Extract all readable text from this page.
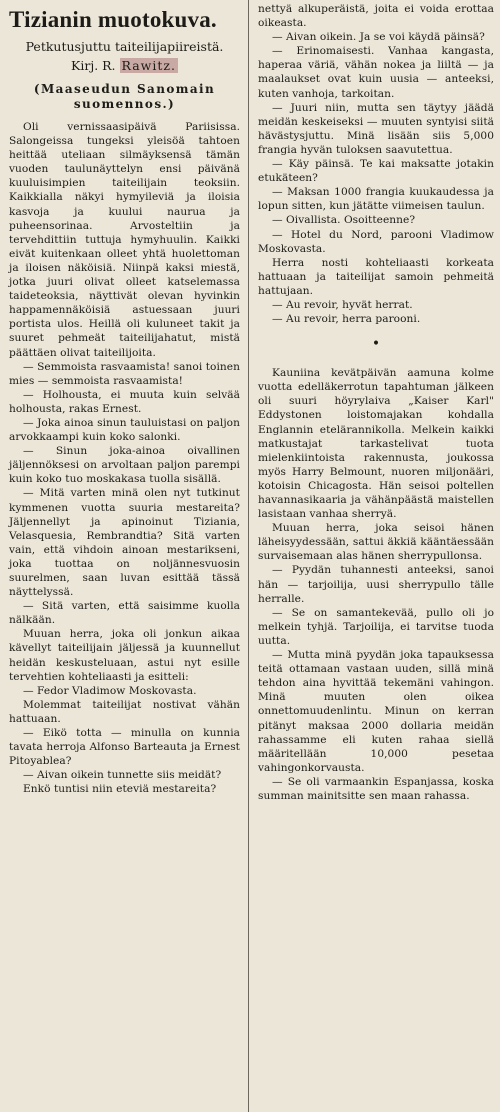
Tizianin muotokuva.

Petkutusjuttu taiteilijapiireistä.

Kirj. R. Rawitz.

(Maaseudun Sanomain suomennos.)

Oli vernissaasipäivä Pariisissa. Salongeissa tungeksi yleisöä tahtoen heittää uteliaan silmäyksensä tämän vuoden taulunäyttelyn ensi päivänä kuuluisimpien taiteilijain teoksiin. Kaikkialla näkyi hymyileviä ja iloisia kasvoja ja kuului naurua ja puheensorinaa. Arvosteltiin ja tervehdittiin tuttuja hymyhuulin. Kaikki eivät kuitenkaan olleet yhtä huolettoman ja iloisen näköisiä. Niinpä kaksi miestä, jotka juuri olivat olleet katselemassa taideteoksia, näyttivät olevan hyvinkin happamennäköisiä astuessaan juuri portista ulos. Heillä oli kuluneet takit ja suuret pehmeät taiteilijahatut, mistä päättäen olivat taiteilijoita.

— Semmoista rasvaamista! sanoi toinen mies — semmoista rasvaamista!

— Holhousta, ei muuta kuin selvää holhousta, rakas Ernest.

— Joka ainoa sinun tauluistasi on paljon arvokkaampi kuin koko salonki.

— Sinun joka-ainoa oivallinen jäljennöksesi on arvoltaan paljon parempi kuin koko tuo moskakasa tuolla sisällä.

— Mitä varten minä olen nyt tutkinut kymmenen vuotta suuria mestareita? Jäljennellyt ja apinoinut Tiziania, Velasquesia, Rembrandtia? Sitä varten vain, että vihdoin ainoan mestarikseni, joka tuottaa on noljännesvuosin suurelmen, saan luvan esittää tässä näyttelyssä.

— Sitä varten, että saisimme kuolla nälkään.

Muuan herra, joka oli jonkun aikaa kävellyt taiteilijain jäljessä ja kuunnellut heidän keskusteluaan, astui nyt esille tervehtien kohteliaasti ja esitteli:

— Fedor Vladimow Moskovasta.

Molemmat taiteilijat nostivat vähän hattuaan.

— Eikö totta — minulla on kunnia tavata herroja Alfonso Barteauta ja Ernest Pitoyablea?

— Aivan oikein tunnette siis meidät?

Enkö tuntisi niin eteviä mestareita?

nettyä alkuperäistä, joita ei voida erottaa oikeasta.

— Aivan oikein. Ja se voi käydä päinsä?

— Erinomaisesti. Vanhaa kangasta, haperaa väriä, vähän nokea ja liiltä — ja maalaukset ovat kuin uusia — anteeksi, kuten vanhoja, tarkoitan.

— Juuri niin, mutta sen täytyy jäädä meidän keskeiseksi — muuten syntyisi siitä hävästysjuttu. Minä lisään siis 5,000 frangia hyvän tuloksen saavutettua.

— Käy päinsä. Te kai maksatte jotakin etukäteen?

— Maksan 1000 frangia kuukaudessa ja lopun sitten, kun jätätte viimeisen taulun.

— Oivallista. Osoitteenne?

— Hotel du Nord, parooni Vladimow Moskovasta.

Herra nosti kohteliaasti korkeata hattuaan ja taiteilijat samoin pehmeitä hattujaan.

— Au revoir, hyvät herrat.

— Au revoir, herra parooni.

•

Kauniina kevätpäivän aamuna kolme vuotta edelläkerrotun tapahtuman jälkeen oli suuri höyrylaiva „Kaiser Karl" Eddystonen loistomajakan kohdalla Englannin etelärannikolla. Melkein kaikki matkustajat tarkastelivat tuota mielenkiintoista rakennusta, joukossa myös Harry Belmount, nuoren miljonääri, kotoisin Chicagosta. Hän seisoi poltellen havannasikaaria ja vähänpäästä maistellen lasistaan vanhaa sherryä.

Muuan herra, joka seisoi hänen läheisyydessään, sattui äkkiä kääntäessään survaisemaan alas hänen sherrypullonsa.

— Pyydän tuhannesti anteeksi, sanoi hän — tarjoilija, uusi sherrypullo tälle herralle.

— Se on samantekevää, pullo oli jo melkein tyhjä. Tarjoilija, ei tarvitse tuoda uutta.

— Mutta minä pyydän joka tapauksessa teitä ottamaan vastaan uuden, sillä minä tehdon aina hyvittää tekemäni vahingon. Minä muuten olen oikea onnettomuudenlintu. Minun on kerran pitänyt maksaa 2000 dollaria meidän rahassamme eli kuten rahaa siellä määritellään 10,000 pesetaa vahingonkorvausta.

— Se oli varmaankin Espanjassa, koska summan mainitsitte sen maan rahassa.
